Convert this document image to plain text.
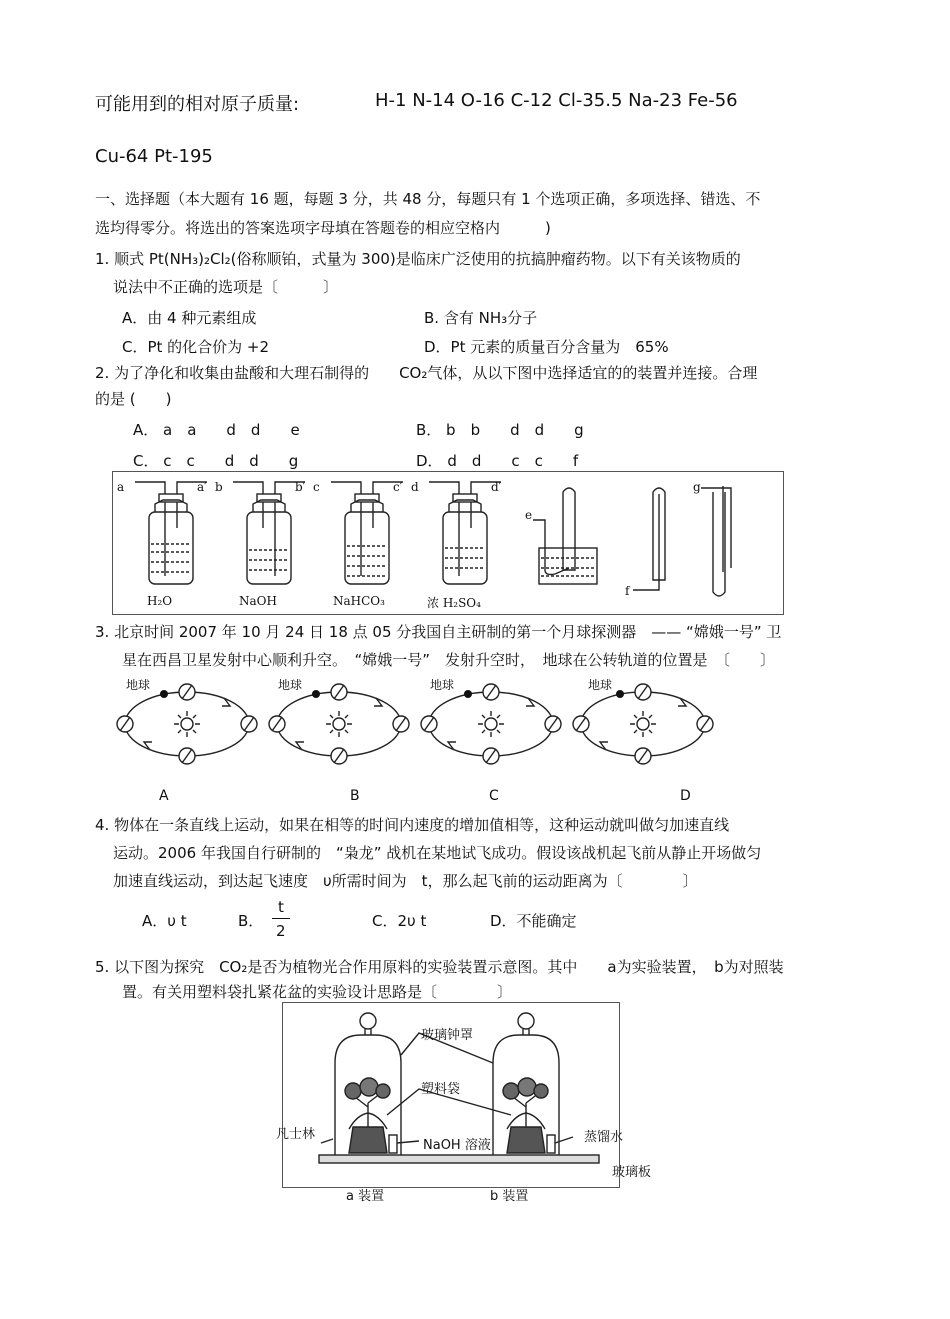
可能用到的相对原子质量:	H-1 N-14 O-16 C-12 Cl-35.5 Na-23 Fe-56
Cu-64 Pt-195
一、选择题（本大题有 16 题，每题 3 分，共 48 分，每题只有 1 个选项正确，多项选择、错选、不
选均得零分。将选出的答案选项字母填在答题卷的相应空格内　　　)
1. 顺式 Pt(NH₃)₂Cl₂(俗称顺铂，式量为 300)是临床广泛使用的抗搞肿瘤药物。以下有关该物质的
说法中不正确的选项是〔　　　〕
A．由 4 种元素组成	B. 含有 NH₃分子
C．Pt 的化合价为 +2	D．Pt 元素的质量百分含量为　65%
2. 为了净化和收集由盐酸和大理石制得的　　CO₂气体，从以下图中选择适宜的的装置并连接。合理
的是 (　　)
A． a　a　　d　d　　e	B． b　b　　d　d　　g
C． c　c　　d　d　　g	D． d　d　　c　c　　f
a	a′ b	b′ c	c′ d	d′
e
f
g
H₂O	NaOH	NaHCO₃	浓 H₂SO₄
3. 北京时间 2007 年 10 月 24 日 18 点 05 分我国自主研制的第一个月球探测器　—— “嫦娥一号” 卫
星在西昌卫星发射中心顺利升空。　“嫦娥一号”　发射升空时，　地球在公转轨道的位置是　〔　　〕
地球	地球	地球	地球
A	B	C	D
4. 物体在一条直线上运动，如果在相等的时间内速度的增加值相等，这种运动就叫做匀加速直线
运动。2006 年我国自行研制的　“枭龙” 战机在某地试飞成功。假设该战机起飞前从静止开场做匀
加速直线运动，到达起飞速度　υ所需时间为　t，那么起飞前的运动距离为〔　　　　〕
A．υ t	B．
t
2
C．2υ t	D．不能确定
5. 以下图为探究　CO₂是否为植物光合作用原料的实验装置示意图。其中　　a为实验装置，　b为对照装
置。有关用塑料袋扎紧花盆的实验设计思路是〔　　　　〕
玻璃钟罩
塑料袋
NaOH 溶液
凡士林	蒸馏水
玻璃板
a 装置	b 装置
